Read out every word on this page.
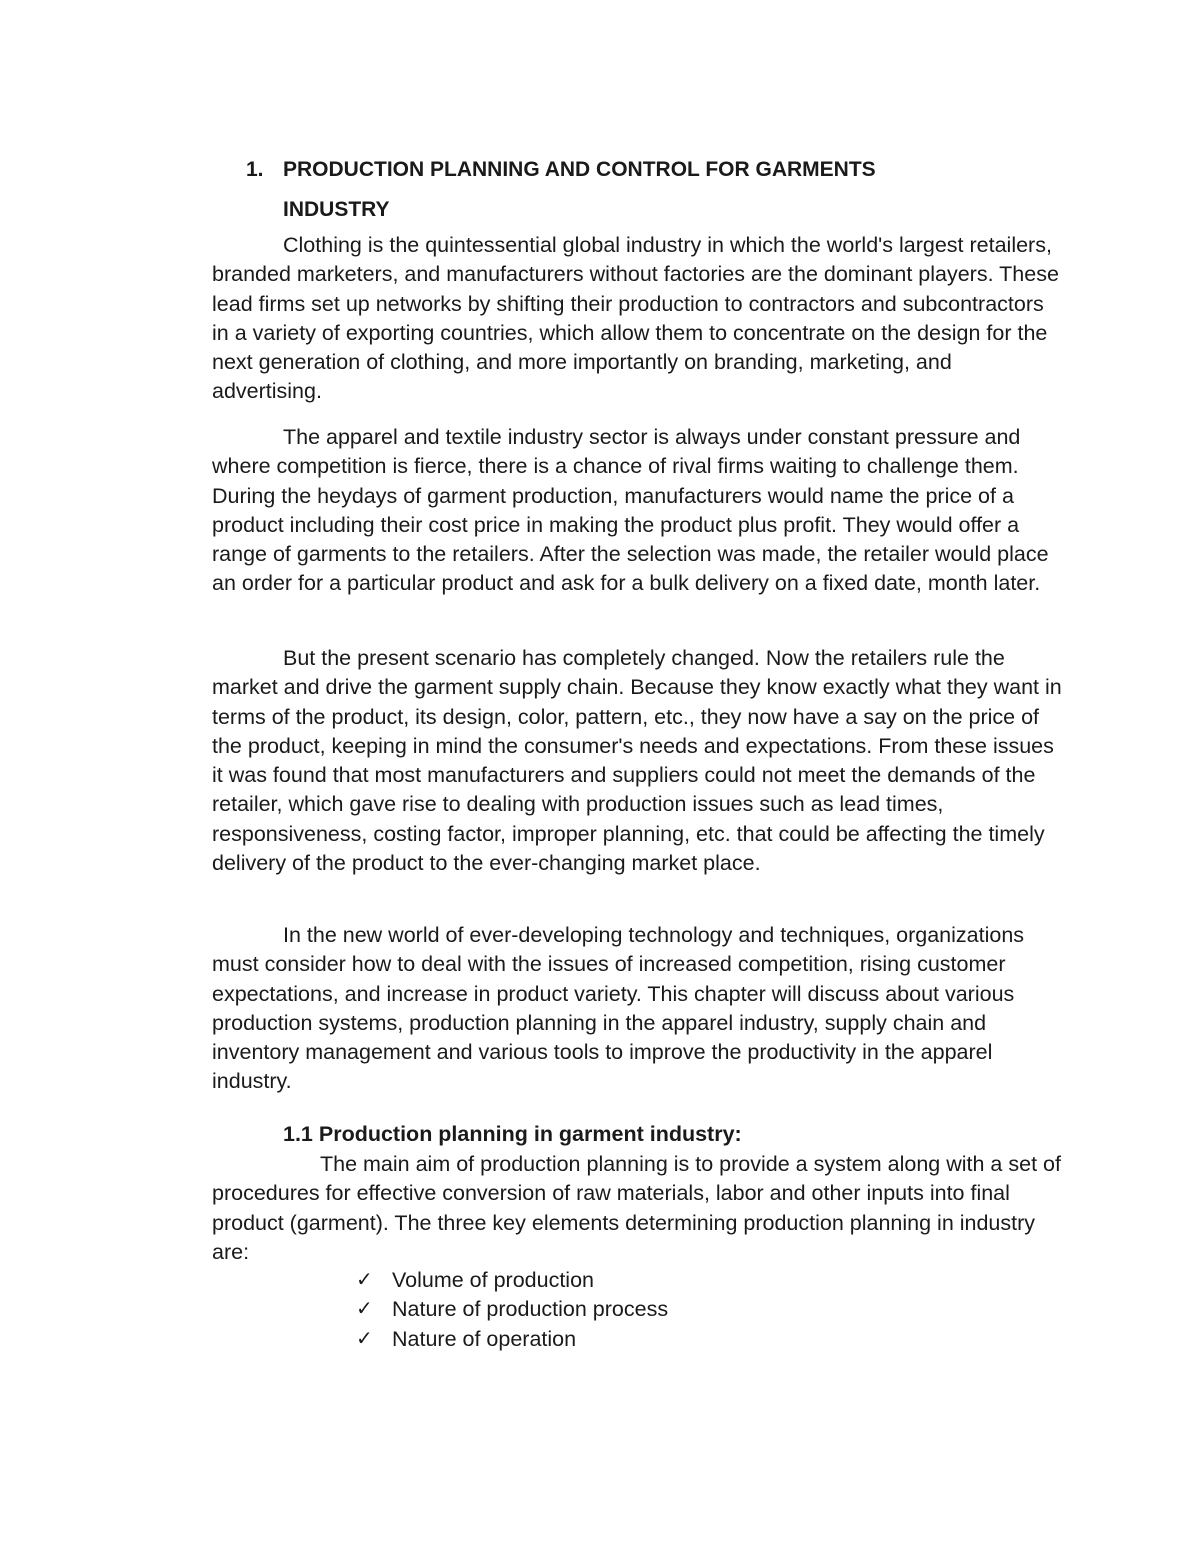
1. PRODUCTION PLANNING AND CONTROL FOR GARMENTS
INDUSTRY

Clothing is the quintessential global industry in which the world's largest retailers, branded marketers, and manufacturers without factories are the dominant players. These lead firms set up networks by shifting their production to contractors and subcontractors in a variety of exporting countries, which allow them to concentrate on the design for the next generation of clothing, and more importantly on branding, marketing, and advertising.

The apparel and textile industry sector is always under constant pressure and where competition is fierce, there is a chance of rival firms waiting to challenge them. During the heydays of garment production, manufacturers would name the price of a product including their cost price in making the product plus profit. They would offer a range of garments to the retailers. After the selection was made, the retailer would place an order for a particular product and ask for a bulk delivery on a fixed date, month later.

But the present scenario has completely changed. Now the retailers rule the market and drive the garment supply chain. Because they know exactly what they want in terms of the product, its design, color, pattern, etc., they now have a say on the price of the product, keeping in mind the consumer's needs and expectations. From these issues it was found that most manufacturers and suppliers could not meet the demands of the retailer, which gave rise to dealing with production issues such as lead times, responsiveness, costing factor, improper planning, etc. that could be affecting the timely delivery of the product to the ever-changing market place.

In the new world of ever-developing technology and techniques, organizations must consider how to deal with the issues of increased competition, rising customer expectations, and increase in product variety. This chapter will discuss about various production systems, production planning in the apparel industry, supply chain and inventory management and various tools to improve the productivity in the apparel industry.

1.1 Production planning in garment industry:

The main aim of production planning is to provide a system along with a set of procedures for effective conversion of raw materials, labor and other inputs into final product (garment). The three key elements determining production planning in industry are:

✓ Volume of production
✓ Nature of production process
✓ Nature of operation
